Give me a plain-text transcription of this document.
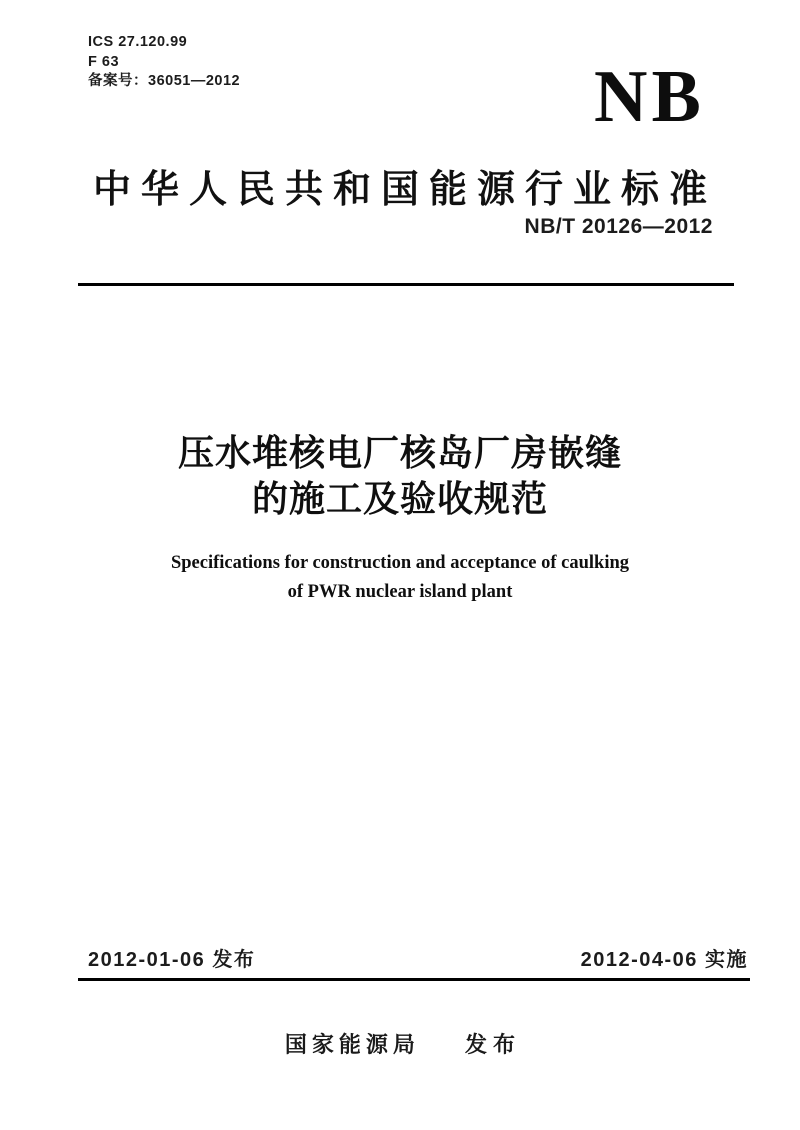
ICS 27.120.99
F 63
备案号：36051—2012	NB
中华人民共和国能源行业标准
NB/T 20126—2012
压水堆核电厂核岛厂房嵌缝
的施工及验收规范
Specifications for construction and acceptance of caulking
of PWR nuclear island plant
2012-01-06 发布	2012-04-06 实施
国家能源局 发 布
